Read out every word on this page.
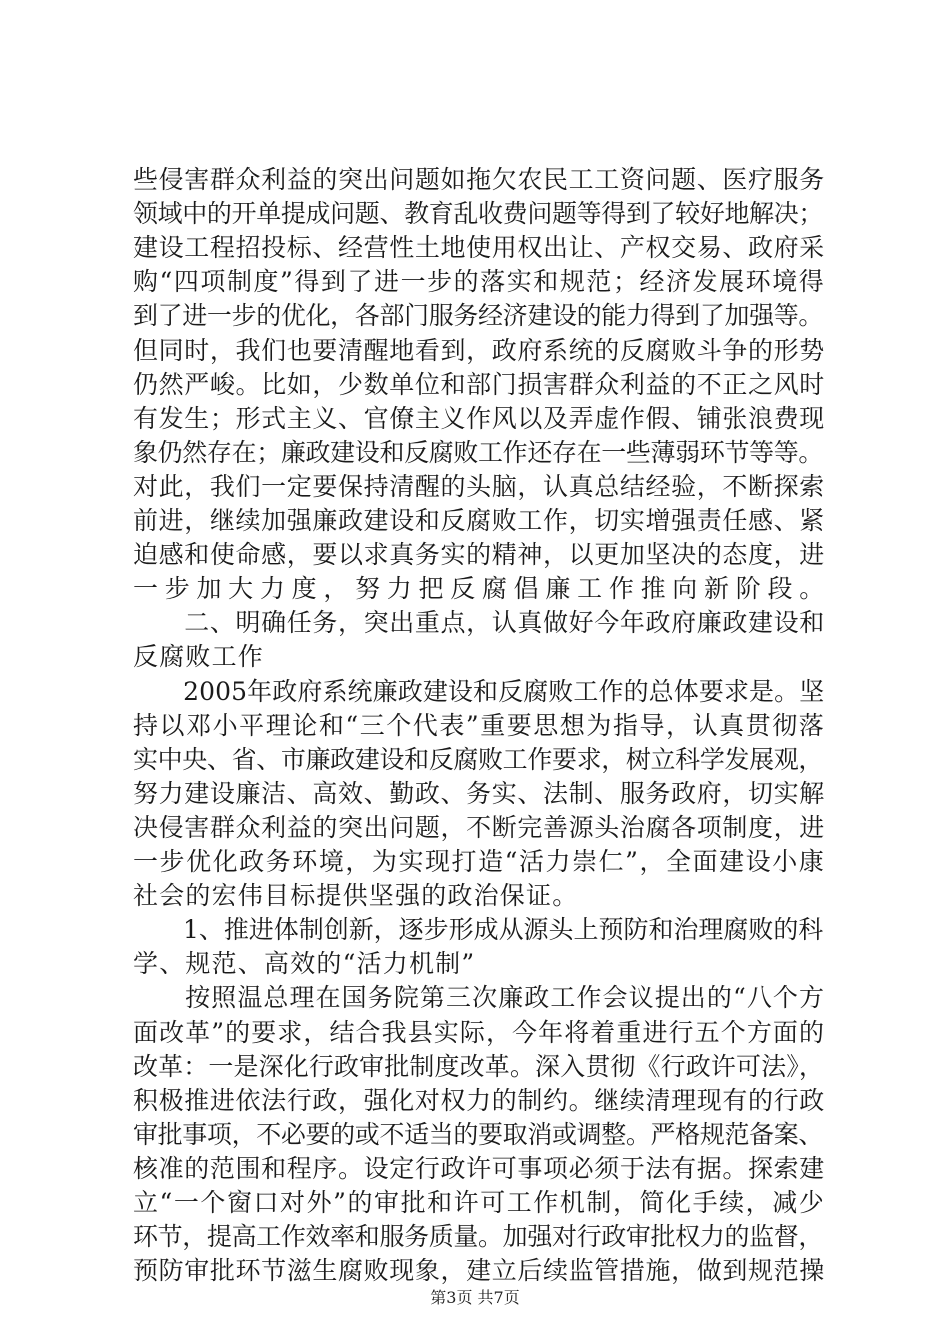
些侵害群众利益的突出问题如拖欠农民工工资问题、医疗服务
领域中的开单提成问题、教育乱收费问题等得到了较好地解决；
建设工程招投标、经营性土地使用权出让、产权交易、政府采
购“四项制度”得到了进一步的落实和规范；经济发展环境得
到了进一步的优化，各部门服务经济建设的能力得到了加强等。
但同时，我们也要清醒地看到，政府系统的反腐败斗争的形势
仍然严峻。比如，少数单位和部门损害群众利益的不正之风时
有发生；形式主义、官僚主义作风以及弄虚作假、铺张浪费现
象仍然存在；廉政建设和反腐败工作还存在一些薄弱环节等等。
对此，我们一定要保持清醒的头脑，认真总结经验，不断探索
前进，继续加强廉政建设和反腐败工作，切实增强责任感、紧
迫感和使命感，要以求真务实的精神，以更加坚决的态度，进
一步加大力度，努力把反腐倡廉工作推向新阶段。
　　二、明确任务，突出重点，认真做好今年政府廉政建设和
反腐败工作
　　2005年政府系统廉政建设和反腐败工作的总体要求是。坚
持以邓小平理论和“三个代表”重要思想为指导，认真贯彻落
实中央、省、市廉政建设和反腐败工作要求，树立科学发展观，
努力建设廉洁、高效、勤政、务实、法制、服务政府，切实解
决侵害群众利益的突出问题，不断完善源头治腐各项制度，进
一步优化政务环境，为实现打造“活力崇仁”，全面建设小康
社会的宏伟目标提供坚强的政治保证。
　　1、推进体制创新，逐步形成从源头上预防和治理腐败的科
学、规范、高效的“活力机制”
　　按照温总理在国务院第三次廉政工作会议提出的“八个方
面改革”的要求，结合我县实际，今年将着重进行五个方面的
改革：一是深化行政审批制度改革。深入贯彻《行政许可法》，
积极推进依法行政，强化对权力的制约。继续清理现有的行政
审批事项，不必要的或不适当的要取消或调整。严格规范备案、
核准的范围和程序。设定行政许可事项必须于法有据。探索建
立“一个窗口对外”的审批和许可工作机制，简化手续，减少
环节，提高工作效率和服务质量。加强对行政审批权力的监督，
预防审批环节滋生腐败现象，建立后续监管措施，做到规范操
第3页 共7页
